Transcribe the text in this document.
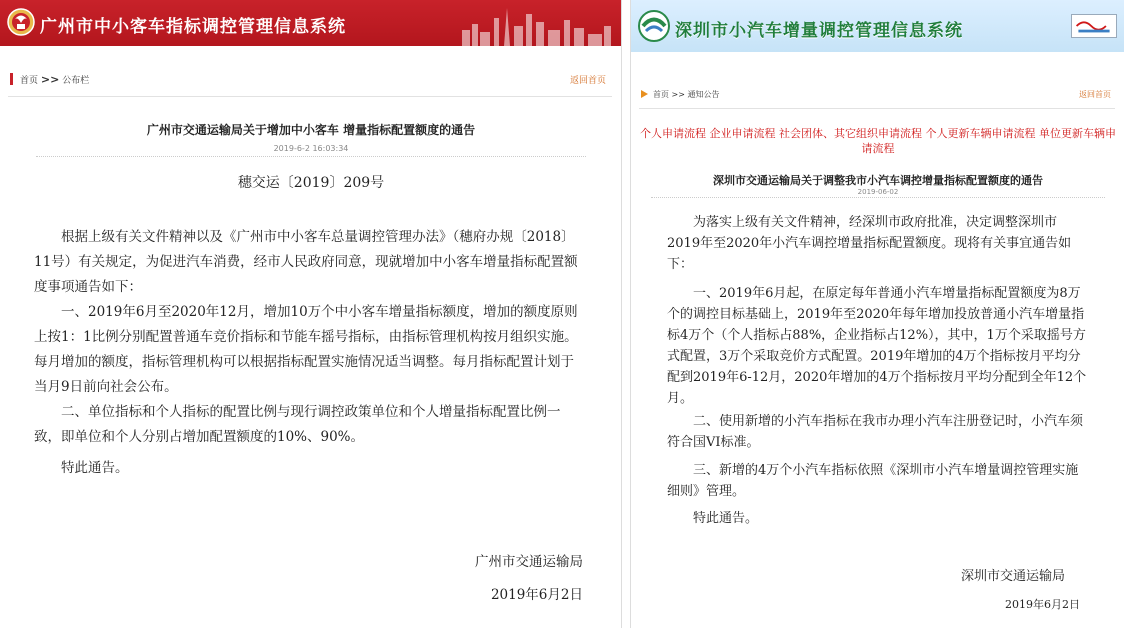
广州市中小客车指标调控管理信息系统
首页 >> 公布栏	返回首页
广州市交通运输局关于增加中小客车 增量指标配置额度的通告
2019-6-2 16:03:34
穗交运〔2019〕209号

根据上级有关文件精神以及《广州市中小客车总量调控管理办法》（穗府办规〔2018〕11号）有关规定，为促进汽车消费，经市人民政府同意，现就增加中小客车增量指标配置额度事项通告如下：

一、2019年6月至2020年12月，增加10万个中小客车增量指标额度，增加的额度原则上按1：1比例分别配置普通车竞价指标和节能车摇号指标，由指标管理机构按月组织实施。每月增加的额度，指标管理机构可以根据指标配置实施情况适当调整。每月指标配置计划于当月9日前向社会公布。

二、单位指标和个人指标的配置比例与现行调控政策单位和个人增量指标配置比例一致，即单位和个人分别占增加配置额度的10%、90%。

特此通告。

广州市交通运输局
2019年6月2日
深圳市小汽车增量调控管理信息系统
首页 >> 通知公告	返回首页
个人申请流程 企业申请流程 社会团体、其它组织申请流程 个人更新车辆申请流程 单位更新车辆申请流程
深圳市交通运输局关于调整我市小汽车调控增量指标配置额度的通告
2019-06-02

为落实上级有关文件精神，经深圳市政府批准，决定调整深圳市2019年至2020年小汽车调控增量指标配置额度。现将有关事宜通告如下：

一、2019年6月起，在原定每年普通小汽车增量指标配置额度为8万个的调控目标基础上，2019年至2020年每年增加投放普通小汽车增量指标4万个（个人指标占88%，企业指标占12%），其中，1万个采取摇号方式配置，3万个采取竞价方式配置。2019年增加的4万个指标按月平均分配到2019年6-12月，2020年增加的4万个指标按月平均分配到全年12个月。

二、使用新增的小汽车指标在我市办理小汽车注册登记时，小汽车须符合国VI标准。

三、新增的4万个小汽车指标依照《深圳市小汽车增量调控管理实施细则》管理。

特此通告。

深圳市交通运输局
2019年6月2日
